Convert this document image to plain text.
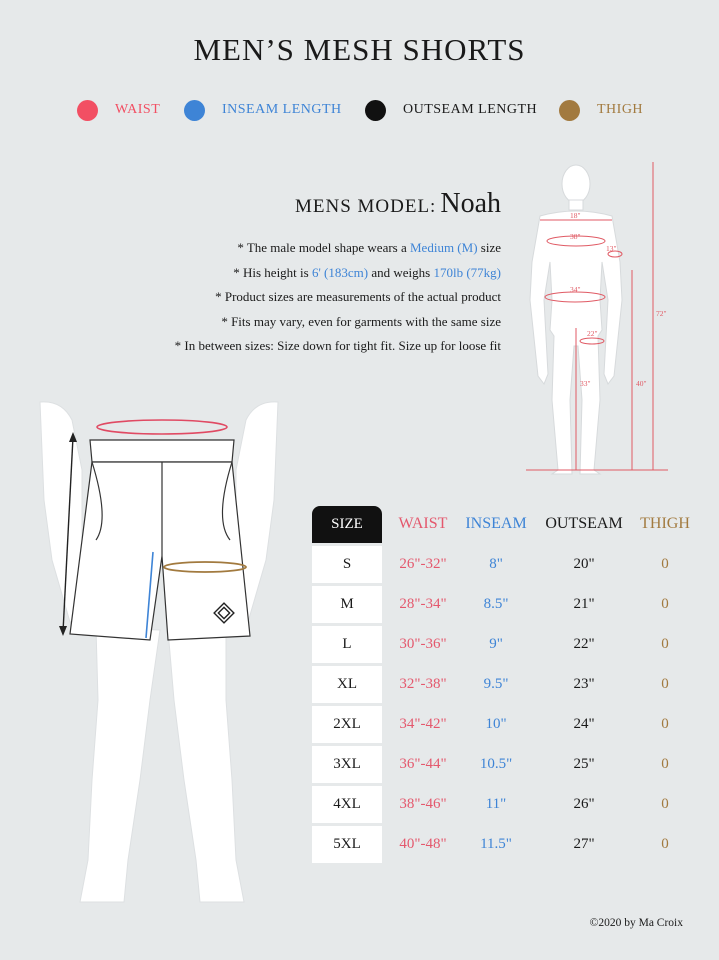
MEN’S MESH SHORTS
WAIST	INSEAM LENGTH	OUTSEAM LENGTH	THIGH
18"
38"
13"
34"
22"
33"	40"
72"
MENS MODEL: Noah
* The male model shape wears a Medium (M) size
* His height is 6' (183cm) and weighs 170lb (77kg)
* Product sizes are measurements of the actual product
* Fits may vary, even for garments with the same size
* In between sizes: Size down for tight fit. Size up for loose fit
SIZE	WAIST	INSEAM	OUTSEAM	THIGH
S	26"-32"	8"	20"	0
M	28"-34"	8.5"	21"	0
L	30"-36"	9"	22"	0
XL	32"-38"	9.5"	23"	0
2XL	34"-42"	10"	24"	0
3XL	36"-44"	10.5"	25"	0
4XL	38"-46"	11"	26"	0
5XL	40"-48"	11.5"	27"	0
©2020 by Ma Croix
